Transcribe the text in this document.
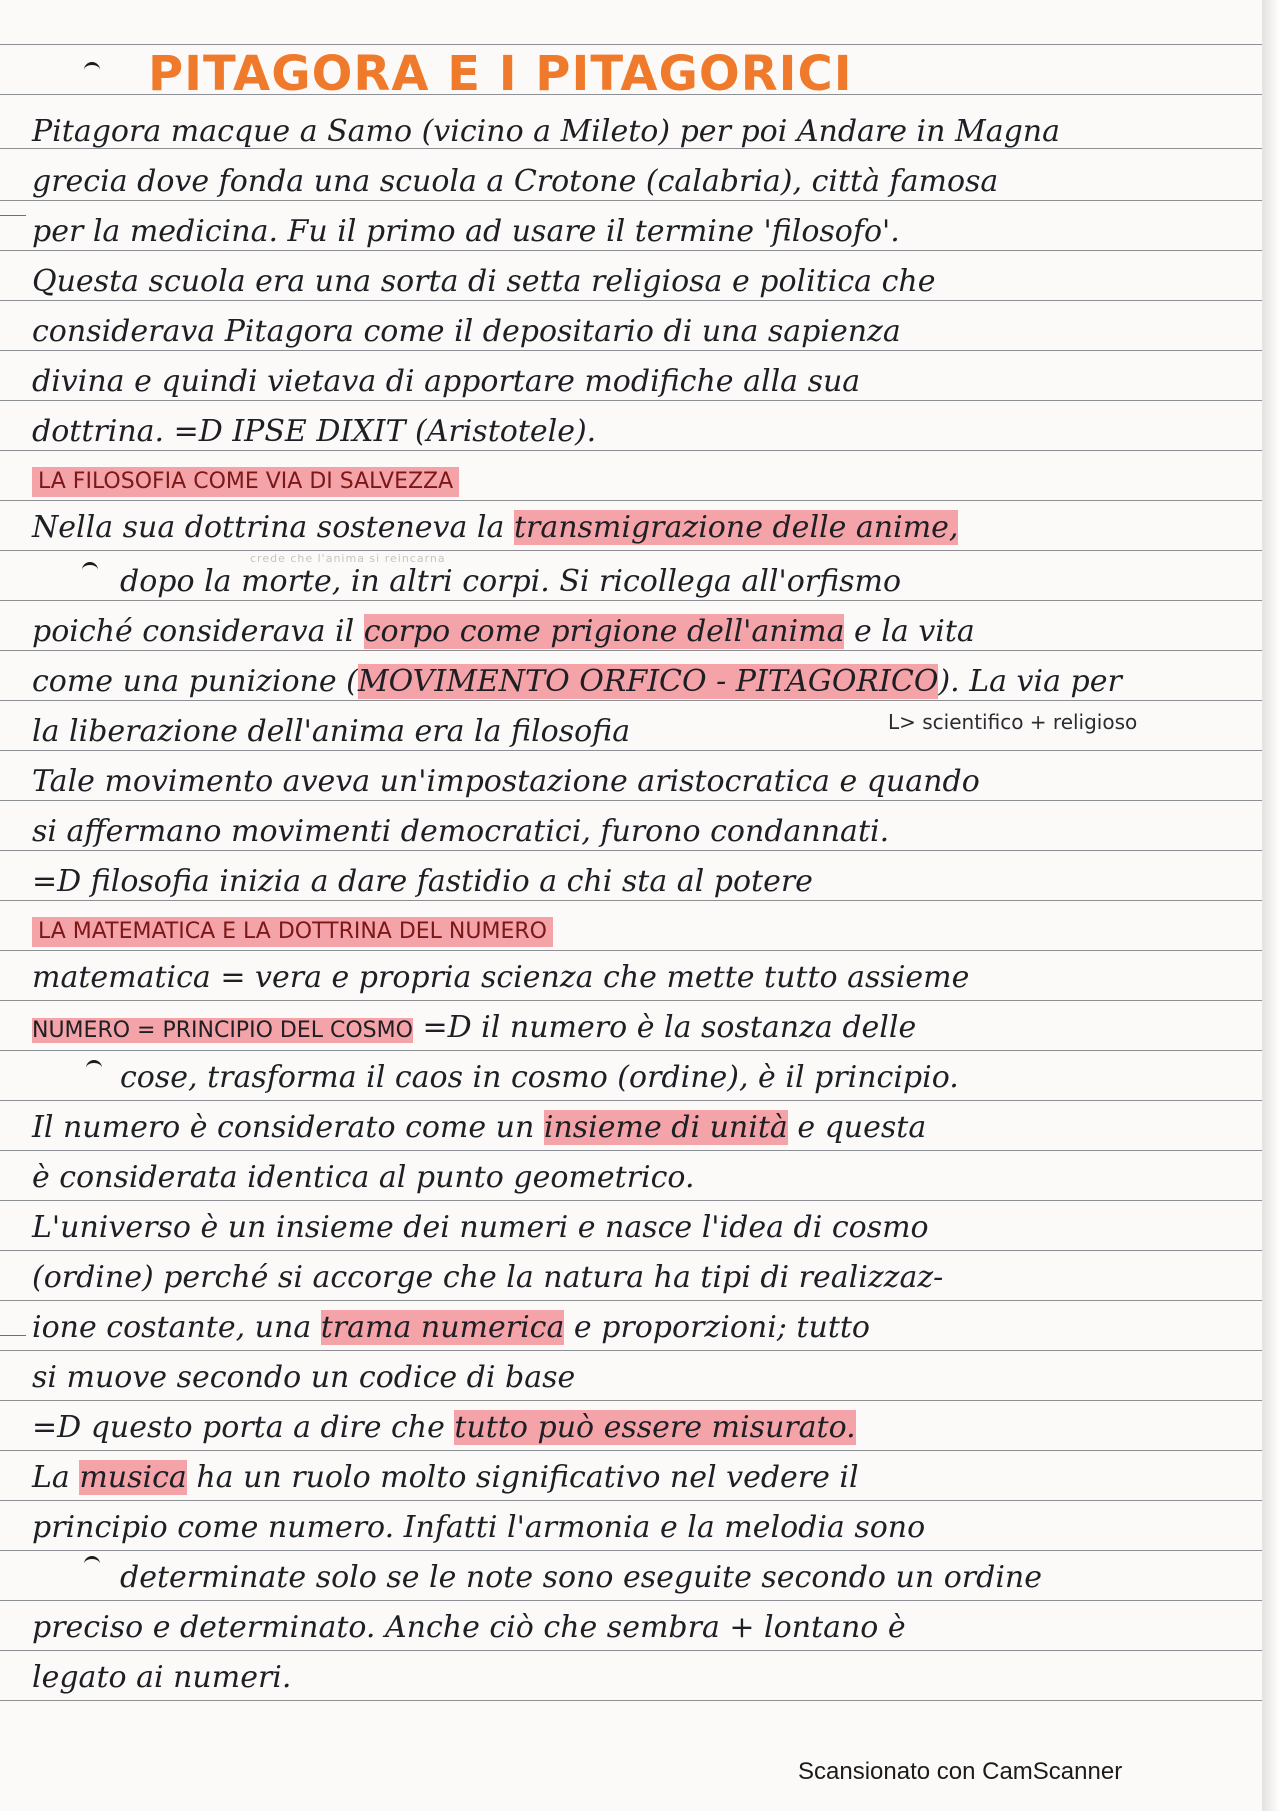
PITAGORA E I PITAGORICI
Pitagora macque a Samo (vicino a Mileto) per poi Andare in Magna
grecia dove fonda una scuola a Crotone (calabria), città famosa
per la medicina. Fu il primo ad usare il termine 'filosofo'.
Questa scuola era una sorta di setta religiosa e politica che
considerava Pitagora come il depositario di una sapienza
divina e quindi vietava di apportare modifiche alla sua
dottrina. =D IPSE DIXIT (Aristotele).
LA FILOSOFIA COME VIA DI SALVEZZA
Nella sua dottrina sosteneva la transmigrazione delle anime,
crede che l'anima si reincarna
dopo la morte, in altri corpi. Si ricollega all'orfismo
poiché considerava il corpo come prigione dell'anima e la vita
come una punizione (MOVIMENTO ORFICO - PITAGORICO). La via per
la liberazione dell'anima era la filosofia	L> scientifico + religioso
Tale movimento aveva un'impostazione aristocratica e quando
si affermano movimenti democratici, furono condannati.
=D filosofia inizia a dare fastidio a chi sta al potere
LA MATEMATICA E LA DOTTRINA DEL NUMERO
matematica = vera e propria scienza che mette tutto assieme
NUMERO = PRINCIPIO DEL COSMO =D il numero è la sostanza delle
cose, trasforma il caos in cosmo (ordine), è il principio.
Il numero è considerato come un insieme di unità e questa
è considerata identica al punto geometrico.
L'universo è un insieme dei numeri e nasce l'idea di cosmo
(ordine) perché si accorge che la natura ha tipi di realizzaz-
ione costante, una trama numerica e proporzioni; tutto
si muove secondo un codice di base
=D questo porta a dire che tutto può essere misurato.
La musica ha un ruolo molto significativo nel vedere il
principio come numero. Infatti l'armonia e la melodia sono
determinate solo se le note sono eseguite secondo un ordine
preciso e determinato. Anche ciò che sembra + lontano è
legato ai numeri.
Scansionato con CamScanner
